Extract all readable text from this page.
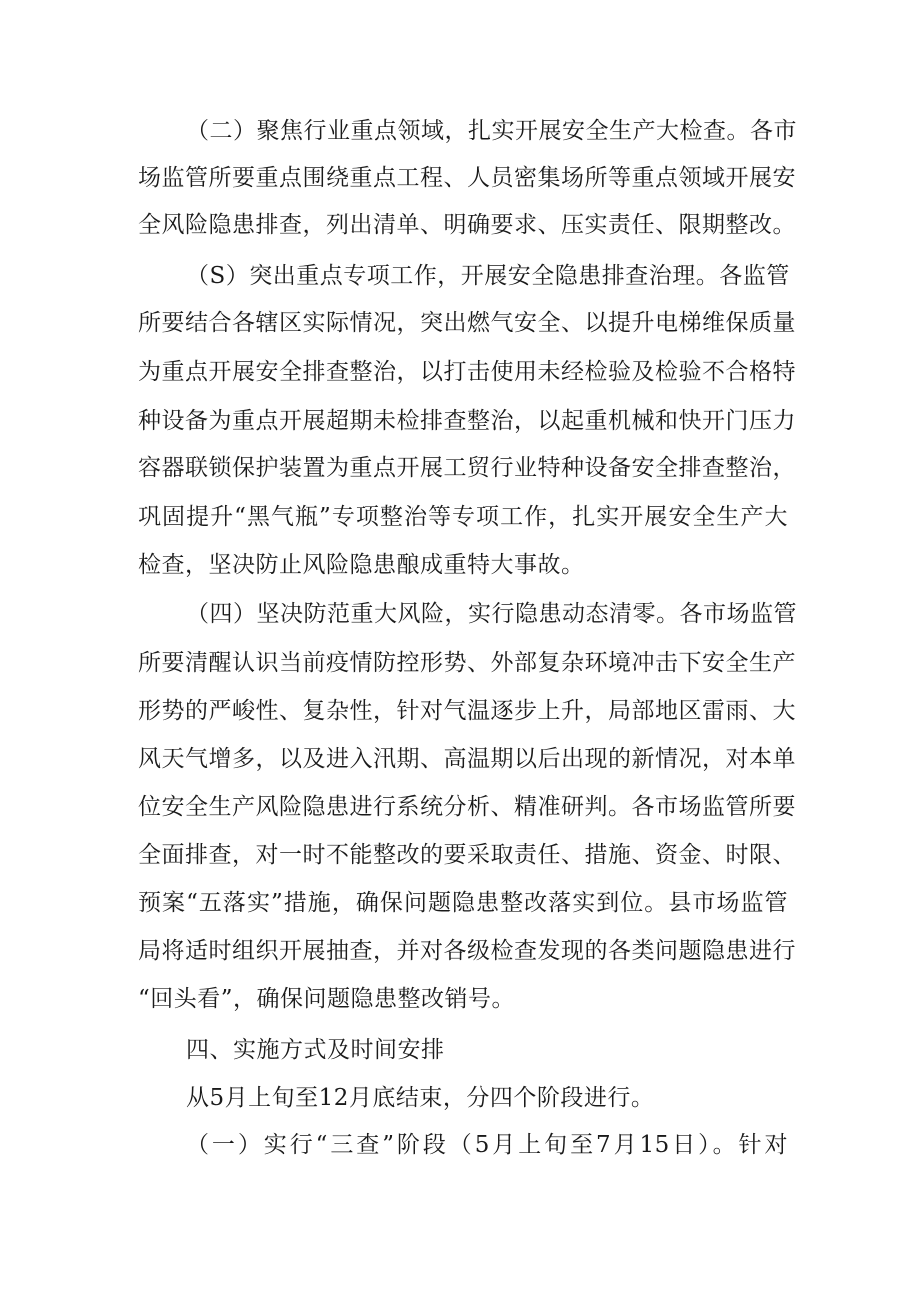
（二）聚焦行业重点领域，扎实开展安全生产大检查。各市
场监管所要重点围绕重点工程、人员密集场所等重点领域开展安
全风险隐患排查，列出清单、明确要求、压实责任、限期整改。
（S）突出重点专项工作，开展安全隐患排查治理。各监管
所要结合各辖区实际情况，突出燃气安全、以提升电梯维保质量
为重点开展安全排查整治，以打击使用未经检验及检验不合格特
种设备为重点开展超期未检排查整治，以起重机械和快开门压力
容器联锁保护装置为重点开展工贸行业特种设备安全排查整治，
巩固提升“黑气瓶”专项整治等专项工作，扎实开展安全生产大
检查，坚决防止风险隐患酿成重特大事故。
（四）坚决防范重大风险，实行隐患动态清零。各市场监管
所要清醒认识当前疫情防控形势、外部复杂环境冲击下安全生产
形势的严峻性、复杂性，针对气温逐步上升，局部地区雷雨、大
风天气增多，以及进入汛期、高温期以后出现的新情况，对本单
位安全生产风险隐患进行系统分析、精准研判。各市场监管所要
全面排查，对一时不能整改的要采取责任、措施、资金、时限、
预案“五落实”措施，确保问题隐患整改落实到位。县市场监管
局将适时组织开展抽查，并对各级检查发现的各类问题隐患进行
“回头看”，确保问题隐患整改销号。
四、实施方式及时间安排
从5月上旬至12月底结束，分四个阶段进行。
（一）实行“三查”阶段（5月上旬至7月15日）。针对
